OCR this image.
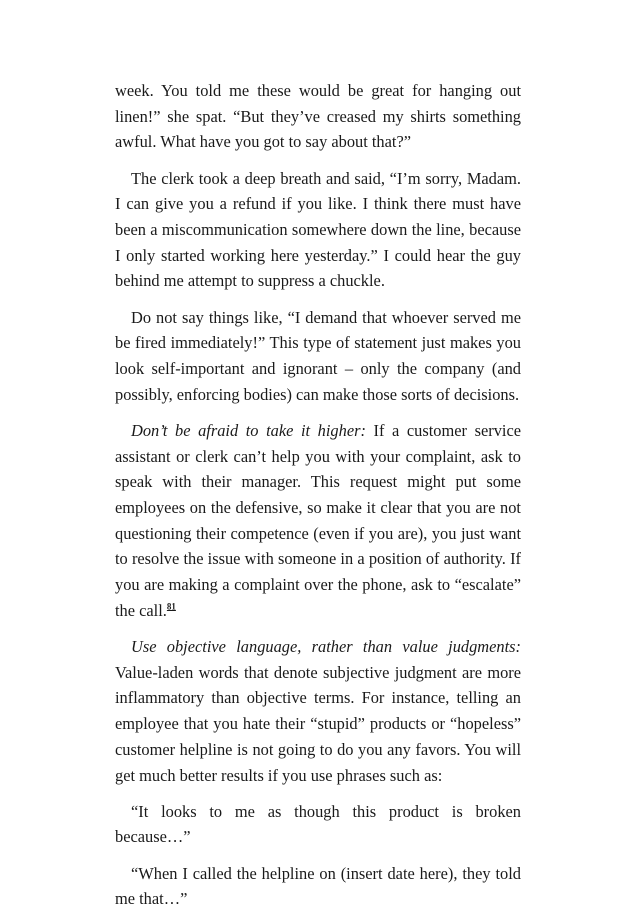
week. You told me these would be great for hanging out linen!” she spat. “But they’ve creased my shirts something awful. What have you got to say about that?”

The clerk took a deep breath and said, “I’m sorry, Madam. I can give you a refund if you like. I think there must have been a miscommunication somewhere down the line, because I only started working here yesterday.” I could hear the guy behind me attempt to suppress a chuckle.

Do not say things like, “I demand that whoever served me be fired immediately!” This type of statement just makes you look self-important and ignorant – only the company (and possibly, enforcing bodies) can make those sorts of decisions.

Don’t be afraid to take it higher: If a customer service assistant or clerk can’t help you with your complaint, ask to speak with their manager. This request might put some employees on the defensive, so make it clear that you are not questioning their competence (even if you are), you just want to resolve the issue with someone in a position of authority. If you are making a complaint over the phone, ask to “escalate” the call.$^{81}$

Use objective language, rather than value judgments: Value-laden words that denote subjective judgment are more inflammatory than objective terms. For instance, telling an employee that you hate their “stupid” products or “hopeless” customer helpline is not going to do you any favors. You will get much better results if you use phrases such as:

“It looks to me as though this product is broken because…”

“When I called the helpline on (insert date here), they told me that…”
